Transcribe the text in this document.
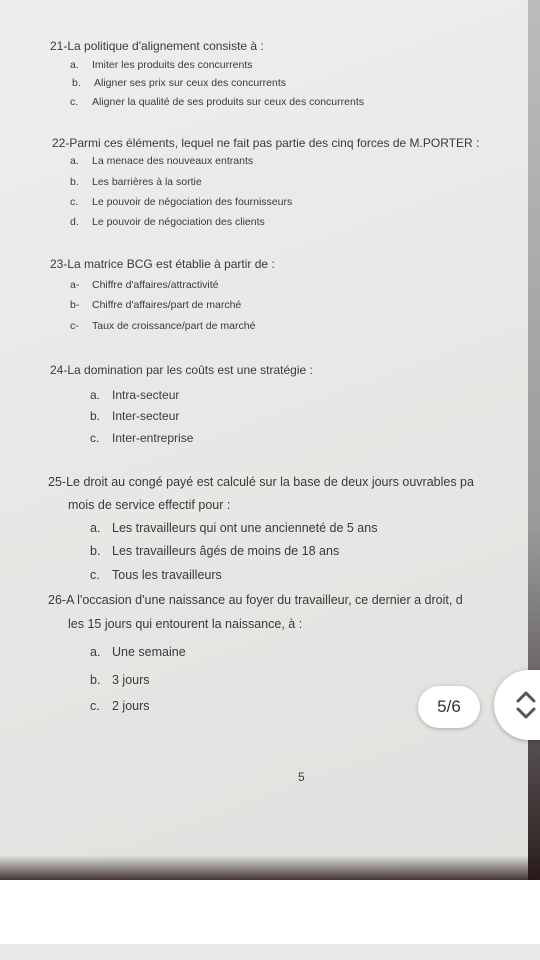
21-La politique d'alignement consiste à :
a. Imiter les produits des concurrents
b. Aligner ses prix sur ceux des concurrents
c. Aligner la qualité de ses produits sur ceux des concurrents
22-Parmi ces éléments, lequel ne fait pas partie des cinq forces de M.PORTER :
a. La menace des nouveaux entrants
b. Les barrières à la sortie
c. Le pouvoir de négociation des fournisseurs
d. Le pouvoir de négociation des clients
23-La matrice BCG est établie à partir de :
a- Chiffre d'affaires/attractivité
b- Chiffre d'affaires/part de marché
c- Taux de croissance/part de marché
24-La domination par les coûts est une stratégie :
a. Intra-secteur
b. Inter-secteur
c. Inter-entreprise
25-Le droit au congé payé est calculé sur la base de deux jours ouvrables pa
mois de service effectif pour :
a. Les travailleurs qui ont une ancienneté de 5 ans
b. Les travailleurs âgés de moins de 18 ans
c. Tous les travailleurs
26-A l'occasion d'une naissance au foyer du travailleur, ce dernier a droit, d
les 15 jours qui entourent la naissance, à :
a. Une semaine
b. 3 jours
c. 2 jours
5
5/6
